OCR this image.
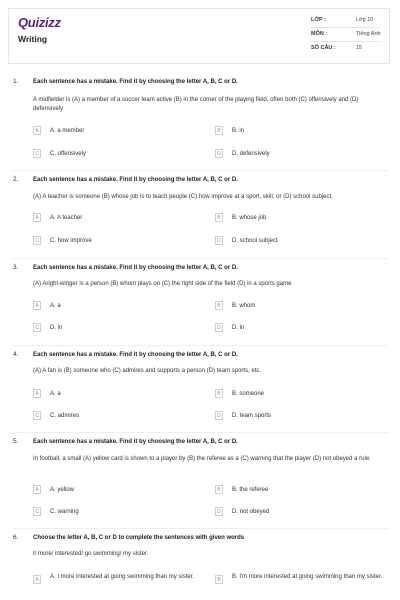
Quizizz
Writing
LỚP :	Lớp 10
MÔN :	Tiếng Anh
SỐ CÂU :	15
1. Each sentence has a mistake. Find it by choosing the letter A, B, C or D.
A midfielder is (A) a member of a soccer team active (B) in the corner of the playing field, often both (C) offensively and (D) defensively
A	A. a member	B	B. in
C	C. offensively	D	D. defensively
2. Each sentence has a mistake. Find it by choosing the letter A, B, C or D.
(A) A teacher is someone (B) whose job is to teach people (C) how improve at a sport, skill, or (D) school subject.
A	A. A teacher	B	B. whose job
C	C. how improve	D	D. school subject
3. Each sentence has a mistake. Find it by choosing the letter A, B, C or D.
(A) Aright-winger is a person (B) whom plays on (C) the right side of the field (D) in a sports game
A	A. a	B	B. whom
C	D. in	D	D. in
4. Each sentence has a mistake. Find it by choosing the letter A, B, C or D.
(A) A fan is (B) someone who (C) admires and supports a person (D) team sports, etc.
A	A. a	B	B. someone
C	C. admires	D	D. team sports
5. Each sentence has a mistake. Find it by choosing the letter A, B, C or D.
In football, a small (A) yellow card is shown to a player by (B) the referee as a (C) warning that the player (D) not obeyed a rule.
A	A. yellow	B	B. the referee
C	C. warning	D	D. not obeyed
6. Choose the letter A, B, C or D to complete the sentences with given words
I/ more/ interested/ go swimming/ my sister.
A	A. I more interested at going swimming than my sister.	B	B. I'm more interested at going swimming than my sister.
